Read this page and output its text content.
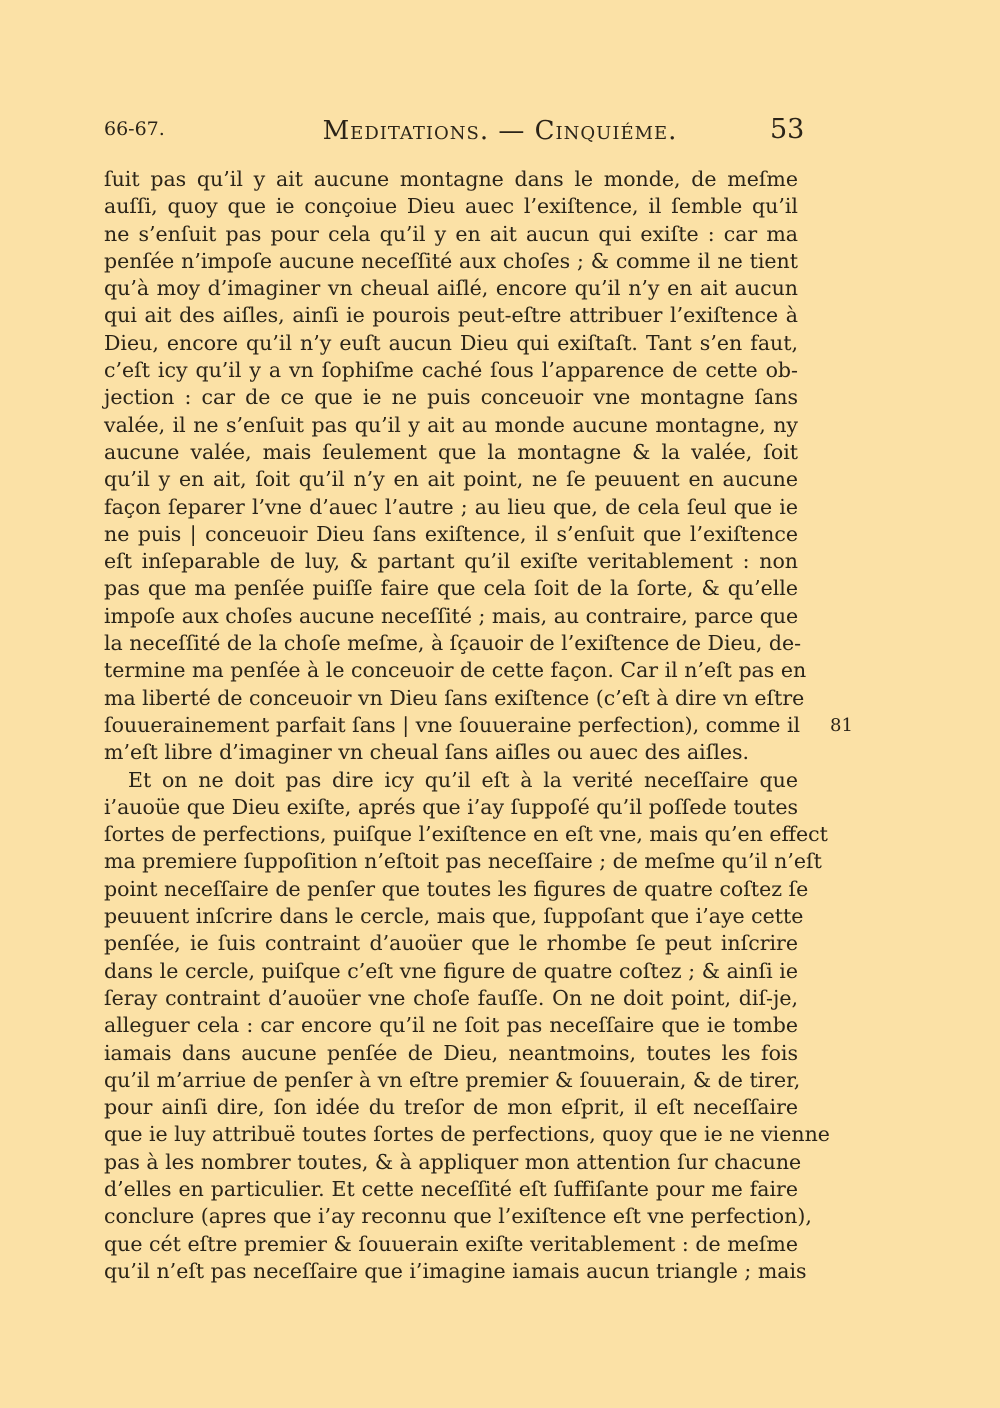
66-67.	Meditations. — Cinquiéme.	53
ſuit pas qu’il y ait aucune montagne dans le monde, de meſme
auſſi, quoy que ie conçoiue Dieu auec l’exiſtence, il ſemble qu’il
ne s’enſuit pas pour cela qu’il y en ait aucun qui exiſte : car ma
penſée n’impoſe aucune neceſſité aux choſes ; & comme il ne tient
qu’à moy d’imaginer vn cheual aiſlé, encore qu’il n’y en ait aucun
qui ait des aiſles, ainſi ie pourois peut-eſtre attribuer l’exiſtence à
Dieu, encore qu’il n’y euſt aucun Dieu qui exiſtaſt. Tant s’en faut,
c’eſt icy qu’il y a vn ſophiſme caché ſous l’apparence de cette ob-
jection : car de ce que ie ne puis conceuoir vne montagne ſans
valée, il ne s’enſuit pas qu’il y ait au monde aucune montagne, ny
aucune valée, mais ſeulement que la montagne & la valée, ſoit
qu’il y en ait, ſoit qu’il n’y en ait point, ne ſe peuuent en aucune
façon ſeparer l’vne d’auec l’autre ; au lieu que, de cela ſeul que ie
ne puis | conceuoir Dieu ſans exiſtence, il s’enſuit que l’exiſtence
eſt inſeparable de luy, & partant qu’il exiſte veritablement : non
pas que ma penſée puiſſe faire que cela ſoit de la ſorte, & qu’elle
impoſe aux choſes aucune neceſſité ; mais, au contraire, parce que
la neceſſité de la choſe meſme, à ſçauoir de l’exiſtence de Dieu, de-
termine ma penſée à le conceuoir de cette façon. Car il n’eſt pas en
ma liberté de conceuoir vn Dieu ſans exiſtence (c’eſt à dire vn eſtre
ſouuerainement parfait ſans | vne ſouueraine perfection), comme il
m’eſt libre d’imaginer vn cheual ſans aiſles ou auec des aiſles.
Et on ne doit pas dire icy qu’il eſt à la verité neceſſaire que
i’auoüe que Dieu exiſte, aprés que i’ay ſuppoſé qu’il poſſede toutes
ſortes de perfections, puiſque l’exiſtence en eſt vne, mais qu’en effect
ma premiere ſuppoſition n’eſtoit pas neceſſaire ; de meſme qu’il n’eſt
point neceſſaire de penſer que toutes les figures de quatre coſtez ſe
peuuent inſcrire dans le cercle, mais que, ſuppoſant que i’aye cette
penſée, ie ſuis contraint d’auoüer que le rhombe ſe peut inſcrire
dans le cercle, puiſque c’eſt vne figure de quatre coſtez ; & ainſi ie
ſeray contraint d’auoüer vne choſe fauſſe. On ne doit point, diſ-je,
alleguer cela : car encore qu’il ne ſoit pas neceſſaire que ie tombe
iamais dans aucune penſée de Dieu, neantmoins, toutes les fois
qu’il m’arriue de penſer à vn eſtre premier & ſouuerain, & de tirer,
pour ainſi dire, ſon idée du treſor de mon eſprit, il eſt neceſſaire
que ie luy attribuë toutes ſortes de perfections, quoy que ie ne vienne
pas à les nombrer toutes, & à appliquer mon attention ſur chacune
d’elles en particulier. Et cette neceſſité eſt ſuffiſante pour me faire
conclure (apres que i’ay reconnu que l’exiſtence eſt vne perfection),
que cét eſtre premier & ſouuerain exiſte veritablement : de meſme
qu’il n’eſt pas neceſſaire que i’imagine iamais aucun triangle ; mais
81
